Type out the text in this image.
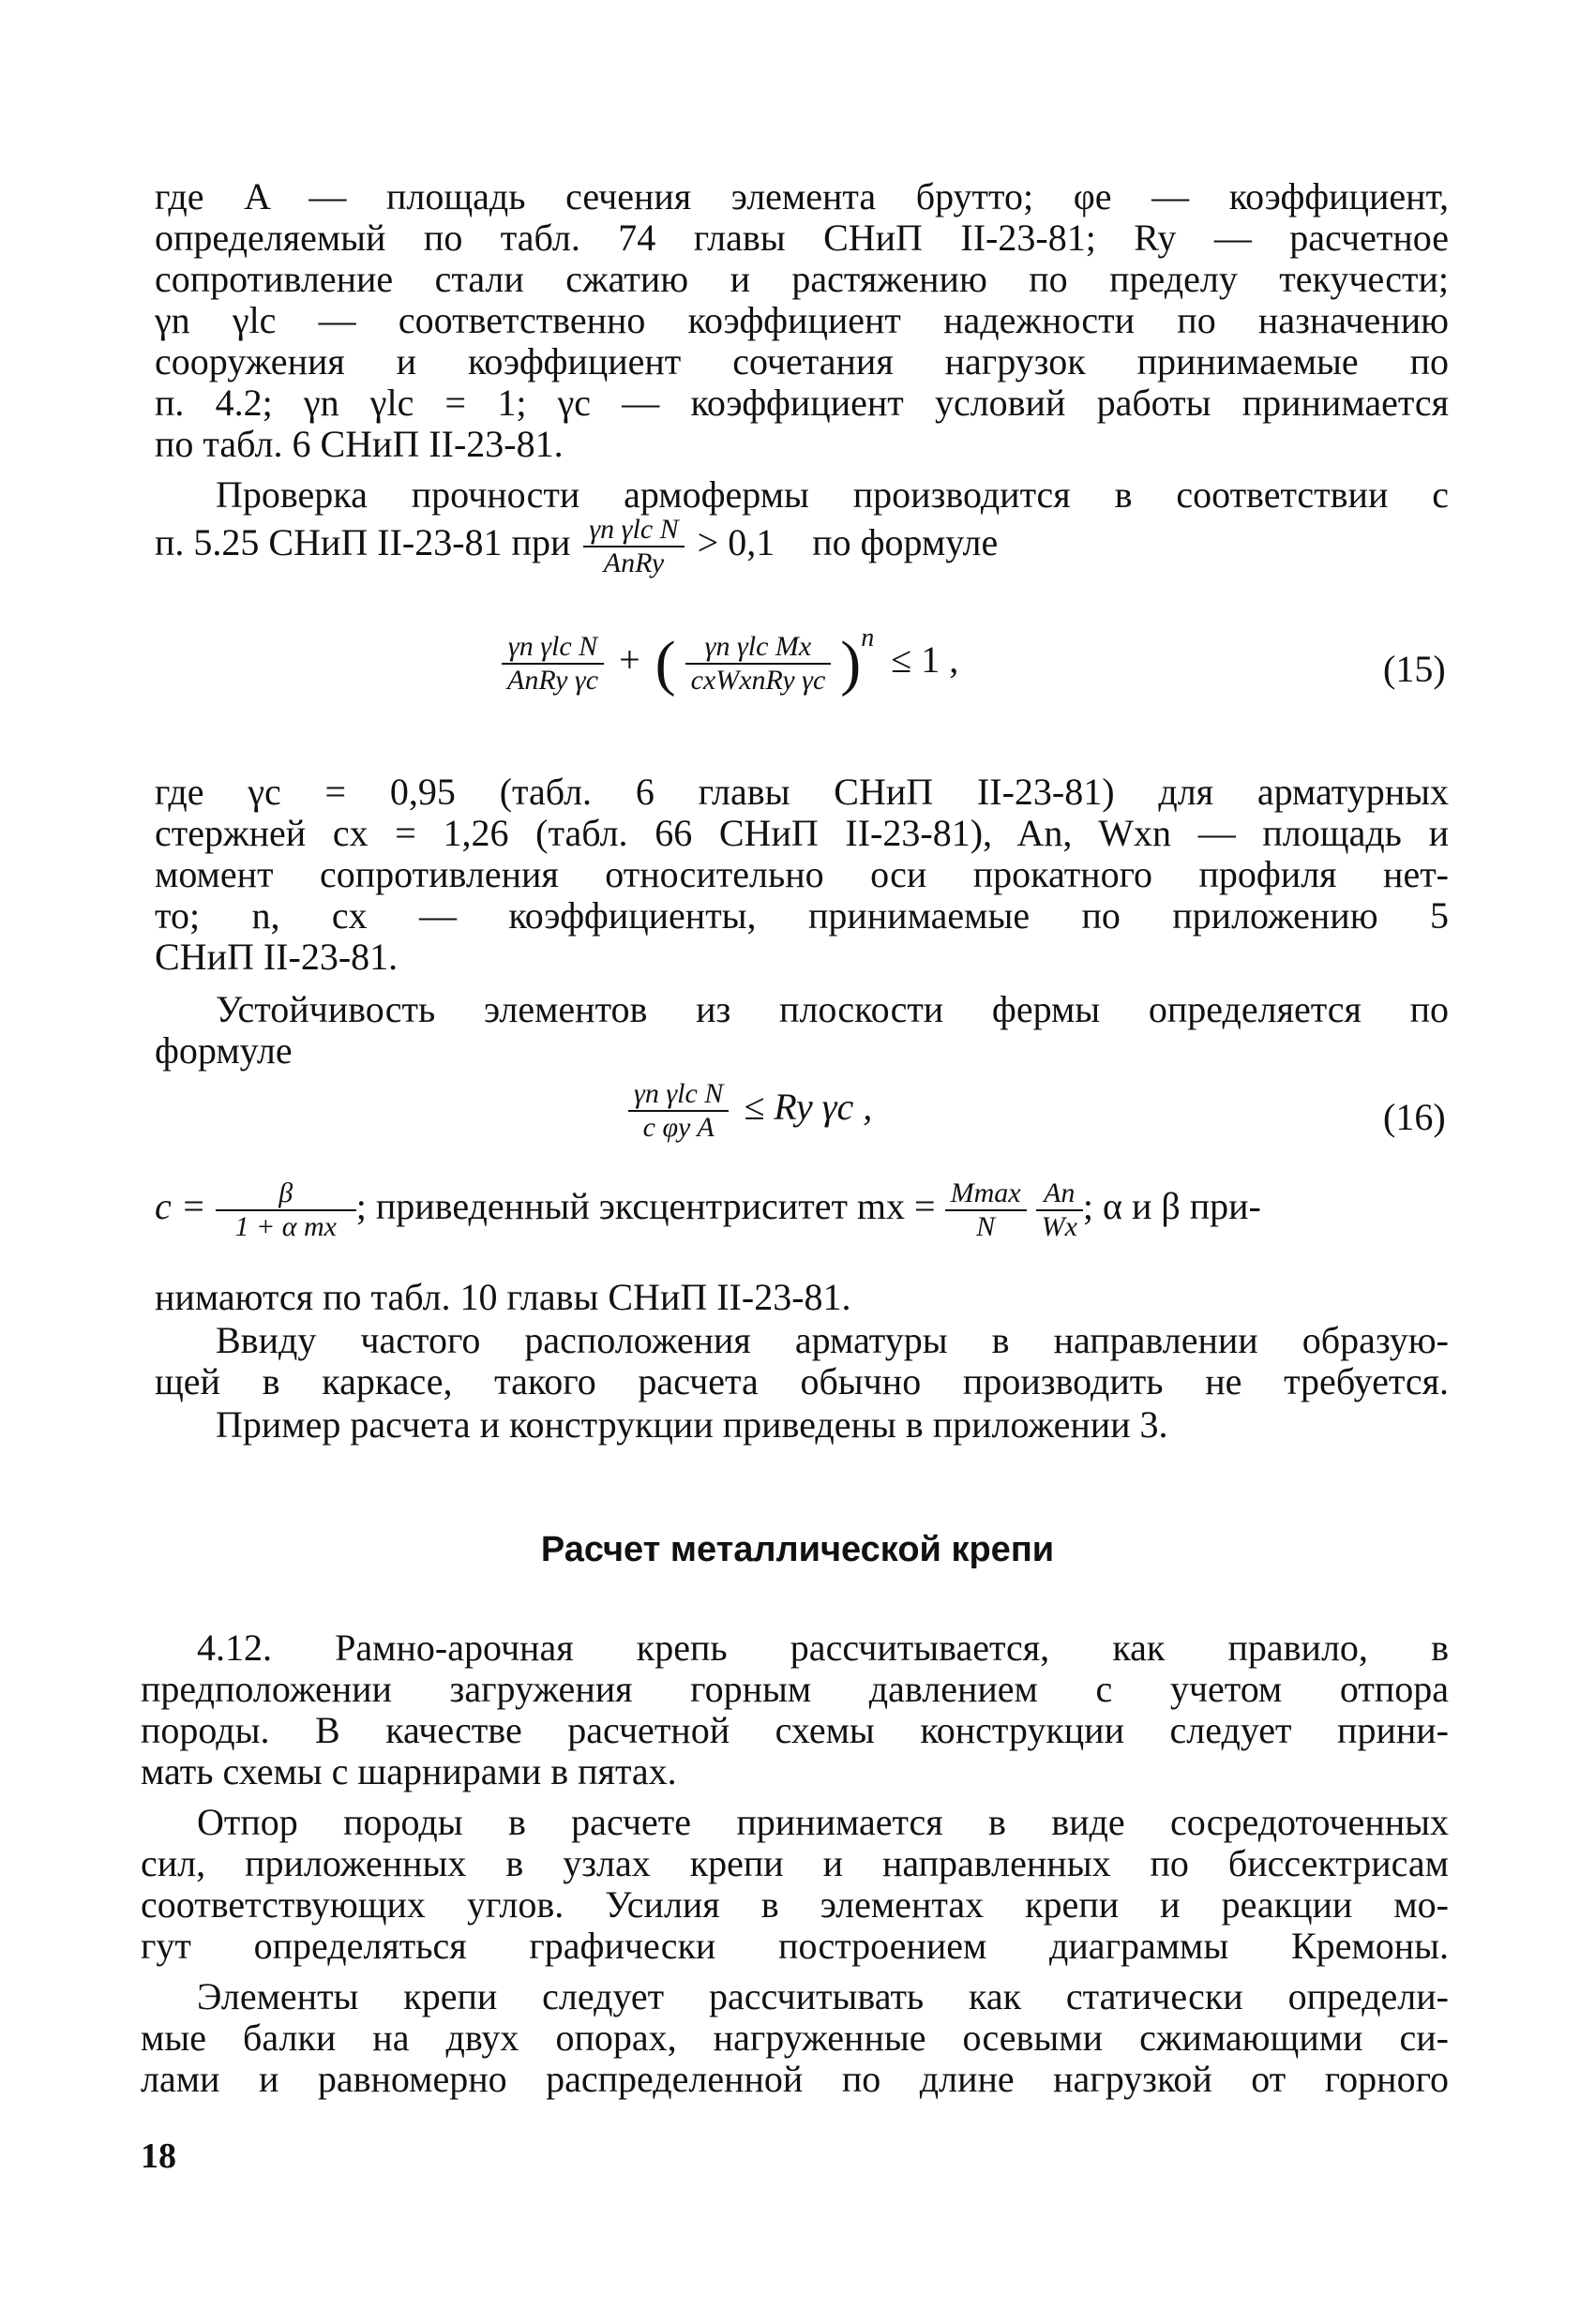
где A — площадь сечения элемента брутто; φe — коэффициент,
определяемый по табл. 74 главы СНиП II-23-81; Ry — расчетное
сопротивление стали сжатию и растяжению по пределу текучести;
γn γlc — соответственно коэффициент надежности по назначению
сооружения и коэффициент сочетания нагрузок принимаемые по
п. 4.2; γn γlc = 1; γc — коэффициент условий работы принимается
по табл. 6 СНиП II-23-81.
Проверка прочности армофермы производится в соответствии с
п. 5.25 СНиП II-23-81 при $\frac{\text{γn γlc N}}{\text{AnRy}} > 0,1$ по формуле
$\frac{\text{γn γlc N}}{\text{AnRy γc}}$ + ( $\frac{\text{γn γlc Mx}}{\text{cxWxnRy γc}} )^n \le 1$ ,	(15)
где γc = 0,95 (табл. 6 главы СНиП II-23-81) для арматурных
стержней cx = 1,26 (табл. 66 СНиП II-23-81), An, Wxn — площадь и
момент сопротивления относительно оси прокатного профиля нет-
то; n, cx — коэффициенты, принимаемые по приложению 5
СНиП II-23-81.
Устойчивость элементов из плоскости фермы определяется по
формуле
$\frac{\text{γn γlc N}}{\text{c φy A}} \le Ry$ γc ,	(16)
$c = \frac{\beta}{\text{1 + α mx}}$ ; приведенный эксцентриситет mx = $\frac{Mmax}{N}$
$\frac{An}{Wx}$ ; α и β при-
нимаются по табл. 10 главы СНиП II-23-81.
Ввиду частого расположения арматуры в направлении образую-
щей в каркасе, такого расчета обычно производить не требуется.
Пример расчета и конструкции приведены в приложении 3.
Расчет металлической крепи
4.12. Рамно-арочная крепь рассчитывается, как правило, в
предположении загружения горным давлением с учетом отпора
породы. В качестве расчетной схемы конструкции следует прини-
мать схемы с шарнирами в пятах.
Отпор породы в расчете принимается в виде сосредоточенных
сил, приложенных в узлах крепи и направленных по биссектрисам
соответствующих углов. Усилия в элементах крепи и реакции мо-
гут определяться графически построением диаграммы Кремоны.
Элементы крепи следует рассчитывать как статически определи-
мые балки на двух опорах, нагруженные осевыми сжимающими си-
лами и равномерно распределенной по длине нагрузкой от горного
18
